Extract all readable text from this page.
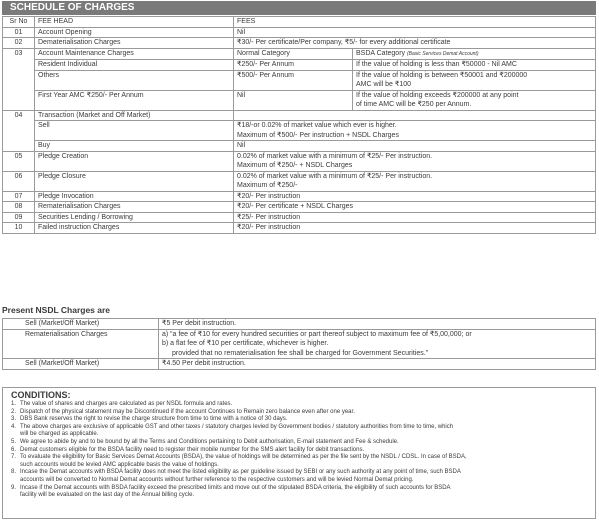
SCHEDULE OF CHARGES
Sr No	FEE HEAD	FEES	
01	Account Opening	Nil	
02	Dematerialisation Charges	₹30/- Per certificate/Per company, ₹5/- for every additional certificate	
03	Account Maintenance Charges	Normal Category	BSDA Category (Basic Services Demat Account)
	Resident Individual	₹250/- Per Annum	If the value of holding is less than ₹50000 - Nil AMC
	Others	₹500/- Per Annum	If the value of holding is between ₹50001 and ₹200000
AMC will be ₹100

	First Year AMC ₹250/- Per Annum	Nil	If the value of holding exceeds ₹200000 at any point
of time AMC will be ₹250 per Annum.

04	Transaction (Market and Off Market)		
	Sell	₹18/-or 0.02% of market value which ever is higher.
Maximum of ₹500/- Per instruction + NSDL Charges	

	Buy	Nil	
05	Pledge Creation	0.02% of market value with a minimum of ₹25/- Per instruction.
Maximum of ₹250/- + NSDL Charges	

06	Pledge Closure	0.02% of market value with a minimum of ₹25/- Per instruction.
Maximum of ₹250/-	

07	Pledge Invocation	₹20/- Per instruction	
08	Rematerialisation Charges	₹20/- Per certificate + NSDL Charges	
09	Securities Lending / Borrowing	₹25/- Per instruction	
10	Failed instruction Charges	₹20/- Per instruction	
Present NSDL Charges are
Sell (Market/Off Market)	₹5 Per debit instruction.
Rematerialisation Charges	a) “a fee of ₹10 for every hundred securities or part thereof subject to maximum fee of ₹5,00,000; or
b) a flat fee of ₹10 per certificate, whichever is higher.
provided that no rematerialisation fee shall be charged for Government Securities.”

Sell (Market/Off Market)	₹4.50 Per debit instruction.
CONDITIONS:
1. The value of shares and charges are calculated as per NSDL formula and rates.
2. Dispatch of the physical statement may be Discontinued if the account Continues to Remain zero balance even after one year.
3. DBS Bank reserves the right to revise the charge structure from time to time with a notice of 30 days.
4. The above charges are exclusive of applicable GST and other taxes / statutory charges levied by Government bodies / statutory authorities from time to time, which
will be charged as applicable.
5. We agree to abide by and to be bound by all the Terms and Conditions pertaining to Debit authorisation, E-mail statement and Fee & schedule.
6. Demat customers eligible for the BSDA facility need to register their mobile number for the SMS alert facility for debit transactions.
7. To evaluate the eligibility for Basic Services Demat Accounts (BSDA), the value of holdings will be determined as per the file sent by the NSDL / CDSL. In case of BSDA,
such accounts would be levied AMC applicable basis the value of holdings.
8. Incase the Demat accounts with BSDA facility does not meet the listed eligibility as per guideline issued by SEBI or any such authority at any point of time, such BSDA
accounts will be converted to Normal Demat accounts without further reference to the respective customers and will be levied Normal Demat pricing.
9. Incase if the Demat accounts with BSDA facility exceed the prescribed limits and move out of the stipulated BSDA criteria, the eligibility of such accounts for BSDA
facility will be evaluated on the last day of the Annual billing cycle.
